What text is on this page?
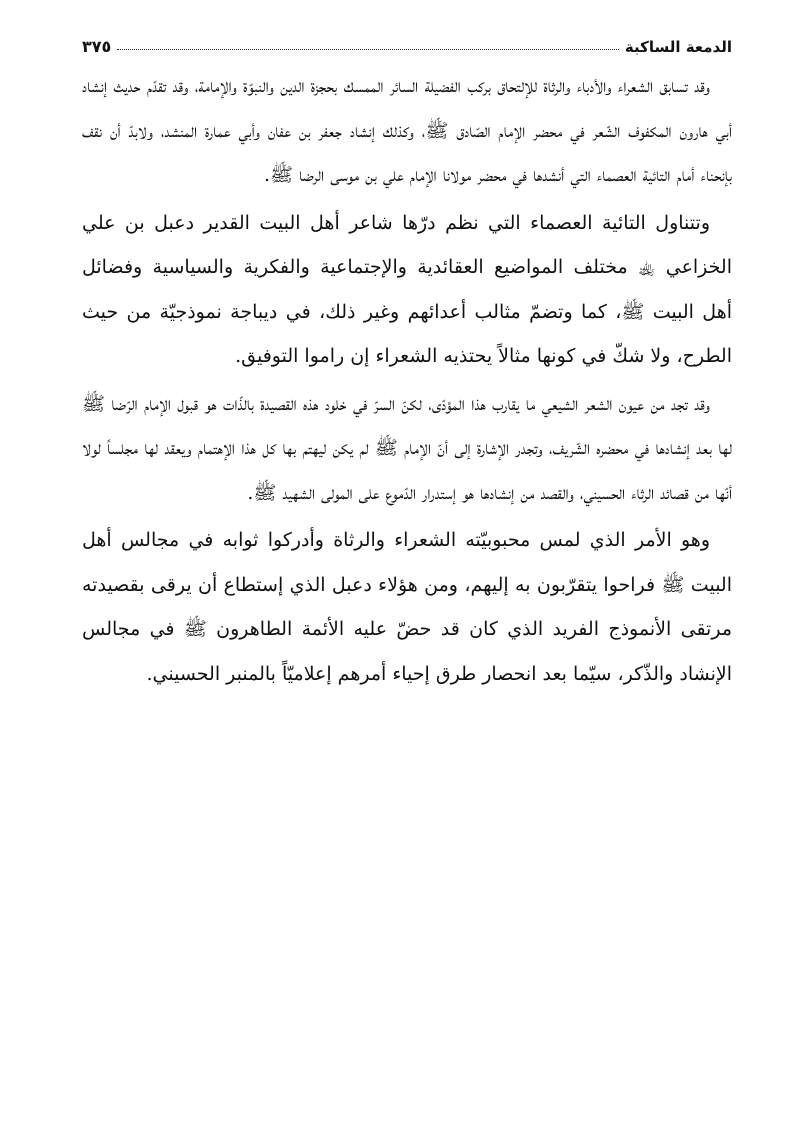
الدمعة الساكبة
٣٧٥

وقد تسابق الشعراء والأدباء والرثاة للإلتحاق بركب الفضيلة السائر الممسك بحجزة الدين والنبوّة والإمامة، وقد تقدّم حديث إنشاد أبي هارون المكفوف الشّعر في محضر الإمام الصّادق ﷺ، وكذلك إنشاد جعفر بن عفان وأبي عمارة المنشد، ولابدّ أن نقف بإنحناء أمام التائية العصماء التي أنشدها في محضر مولانا الإمام علي بن موسى الرضا ﷺ.

وتتناول التائية العصماء التي نظم درّها شاعر أهل البيت القدير دعبل بن علي الخزاعي ﵀ مختلف المواضيع العقائدية والإجتماعية والفكرية والسياسية وفضائل أهل البيت ﷺ، كما وتضمّ مثالب أعدائهم وغير ذلك، في ديباجة نموذجيّة من حيث الطرح، ولا شكّ في كونها مثالاً يحتذيه الشعراء إن راموا التوفيق.

وقد تجد من عيون الشعر الشيعي ما يقارب هذا المؤدّى، لكنّ السرّ في خلود هذه القصيدة بالذّات هو قبول الإمام الرّضا ﷺ لها بعد إنشادها في محضره الشّريف، وتجدر الإشارة إلى أنّ الإمام ﷺ لم يكن ليهتم بها كل هذا الإهتمام ويعقد لها مجلساً لولا أنّها من قصائد الرثاء الحسيني، والقصد من إنشادها هو إستدرار الدّموع على المولى الشهيد ﷺ.

وهو الأمر الذي لمس محبوبيّته الشعراء والرثاة وأدركوا ثوابه في مجالس أهل البيت ﷺ فراحوا يتقرّبون به إليهم، ومن هؤلاء دعبل الذي إستطاع أن يرقى بقصيدته مرتقى الأنموذج الفريد الذي كان قد حضّ عليه الأئمة الطاهرون ﷺ في مجالس الإنشاد والذّكر، سيّما بعد انحصار طرق إحياء أمرهم إعلاميّاً بالمنبر الحسيني.
